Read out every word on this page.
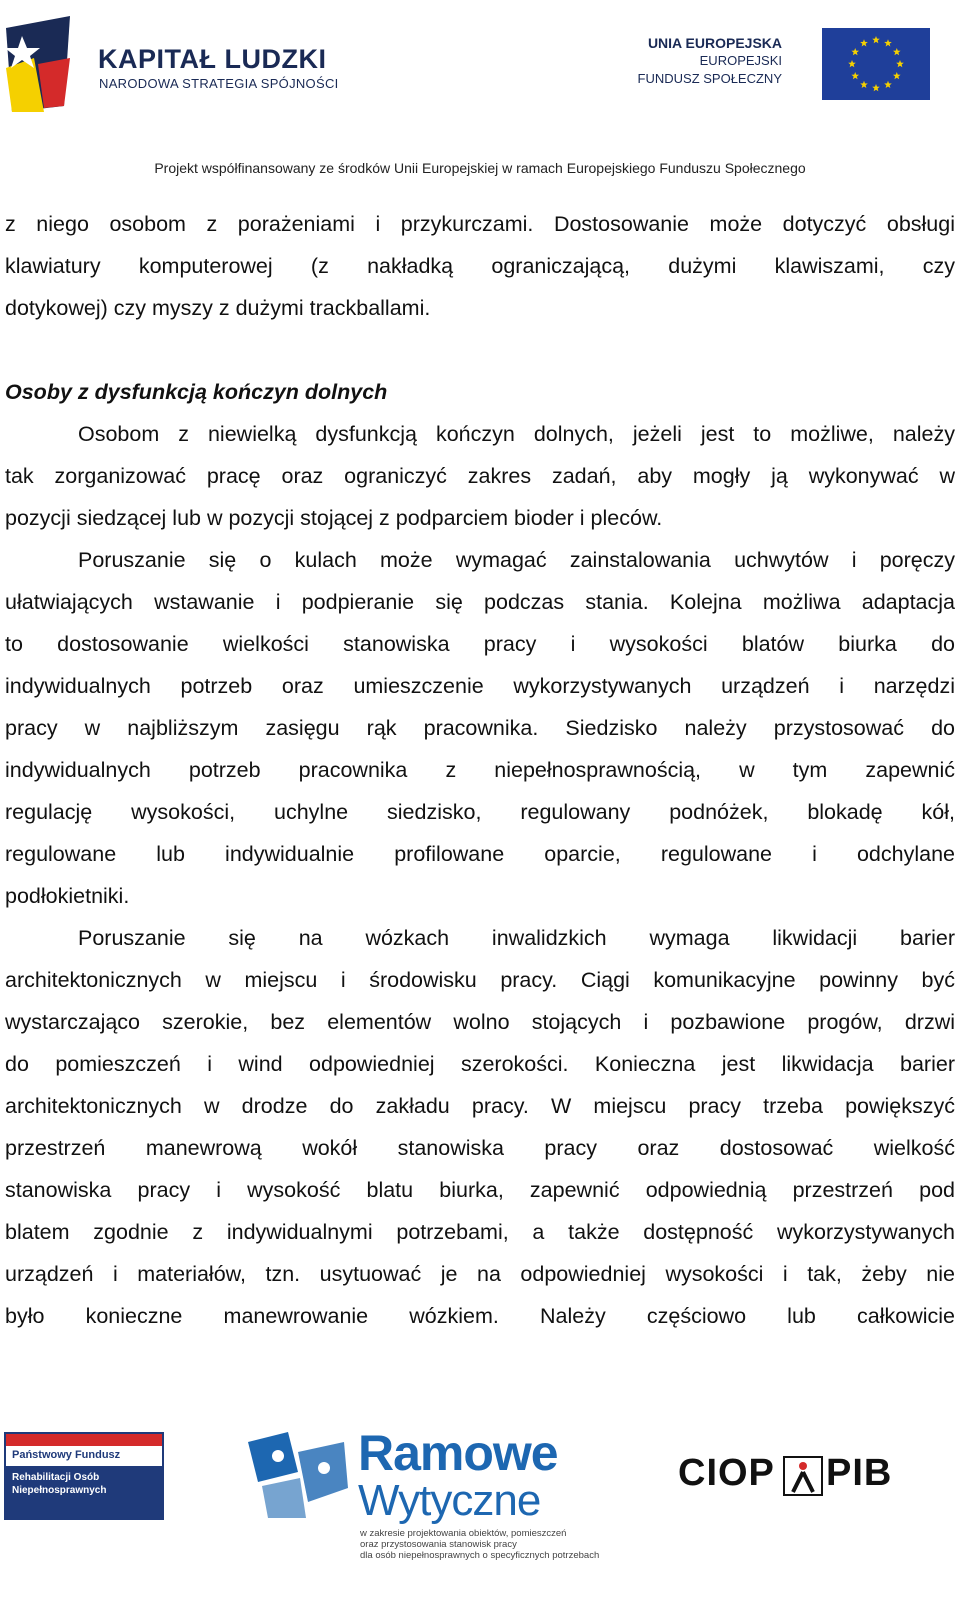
KAPITAŁ LUDZKI
NARODOWA STRATEGIA SPÓJNOŚCI
UNIA EUROPEJSKA
EUROPEJSKI
FUNDUSZ SPOŁECZNY
Projekt współfinansowany ze środków Unii Europejskiej w ramach Europejskiego Funduszu Społecznego
z niego osobom z porażeniami i przykurczami. Dostosowanie może dotyczyć obsługi
klawiatury komputerowej (z nakładką ograniczającą, dużymi klawiszami, czy
dotykowej) czy myszy z dużymi trackballami.
Osoby z dysfunkcją kończyn dolnych
Osobom z niewielką dysfunkcją kończyn dolnych, jeżeli jest to możliwe, należy
tak zorganizować pracę oraz ograniczyć zakres zadań, aby mogły ją wykonywać w
pozycji siedzącej lub w pozycji stojącej z podparciem bioder i pleców.
Poruszanie się o kulach może wymagać zainstalowania uchwytów i poręczy
ułatwiających wstawanie i podpieranie się podczas stania. Kolejna możliwa adaptacja
to dostosowanie wielkości stanowiska pracy i wysokości blatów biurka do
indywidualnych potrzeb oraz umieszczenie wykorzystywanych urządzeń i narzędzi
pracy w najbliższym zasięgu rąk pracownika. Siedzisko należy przystosować do
indywidualnych potrzeb pracownika z niepełnosprawnością, w tym zapewnić
regulację wysokości, uchylne siedzisko, regulowany podnóżek, blokadę kół,
regulowane lub indywidualnie profilowane oparcie, regulowane i odchylane
podłokietniki.
Poruszanie się na wózkach inwalidzkich wymaga likwidacji barier
architektonicznych w miejscu i środowisku pracy. Ciągi komunikacyjne powinny być
wystarczająco szerokie, bez elementów wolno stojących i pozbawione progów, drzwi
do pomieszczeń i wind odpowiedniej szerokości. Konieczna jest likwidacja barier
architektonicznych w drodze do zakładu pracy. W miejscu pracy trzeba powiększyć
przestrzeń manewrową wokół stanowiska pracy oraz dostosować wielkość
stanowiska pracy i wysokość blatu biurka, zapewnić odpowiednią przestrzeń pod
blatem zgodnie z indywidualnymi potrzebami, a także dostępność wykorzystywanych
urządzeń i materiałów, tzn. usytuować je na odpowiedniej wysokości i tak, żeby nie
było konieczne manewrowanie wózkiem. Należy częściowo lub całkowicie
Państwowy Fundusz
Rehabilitacji Osób
Niepełnosprawnych
Ramowe
Wytyczne
w zakresie projektowania obiektów, pomieszczeń
oraz przystosowania stanowisk pracy
dla osób niepełnosprawnych o specyficznych potrzebach
CIOP PIB
